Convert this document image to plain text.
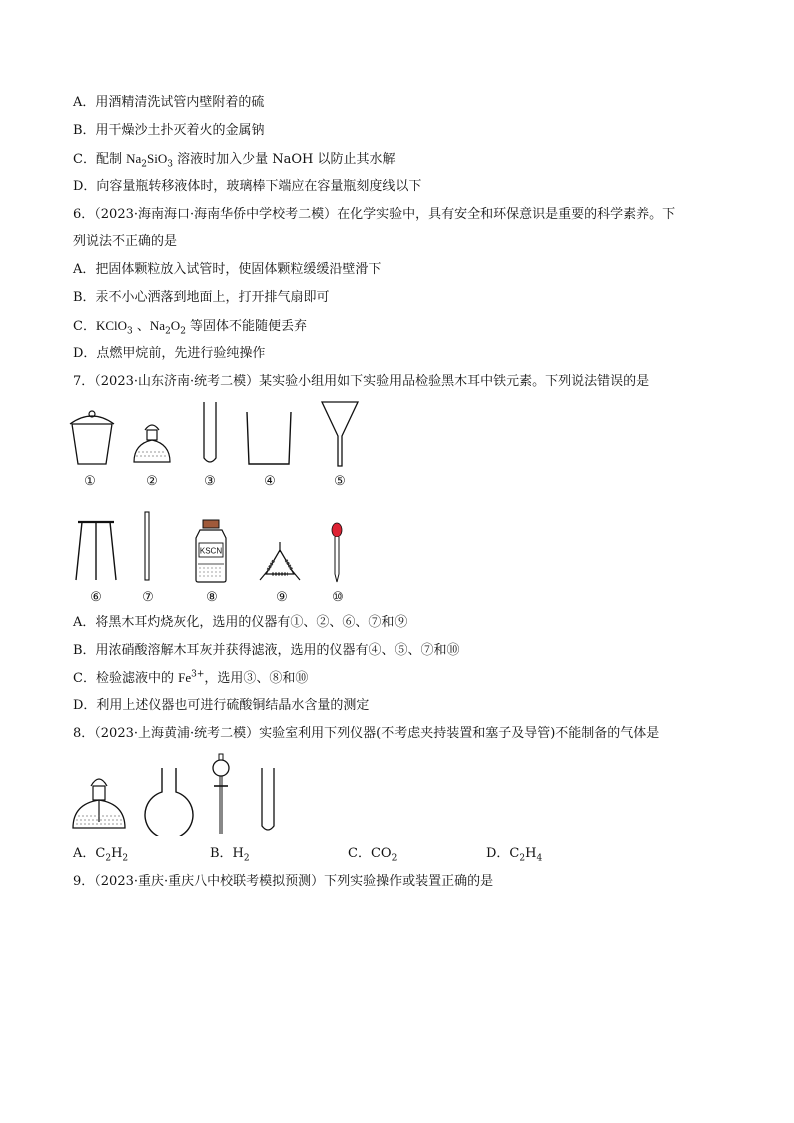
A．用酒精清洗试管内壁附着的硫
B．用干燥沙土扑灭着火的金属钠
C．配制 $Na_2SiO_3$ 溶液时加入少量 NaOH 以防止其水解
D．向容量瓶转移液体时，玻璃棒下端应在容量瓶刻度线以下
6．（2023·海南海口·海南华侨中学校考二模）在化学实验中，具有安全和环保意识是重要的科学素养。下
列说法不正确的是
A．把固体颗粒放入试管时，使固体颗粒缓缓沿壁滑下
B．汞不小心洒落到地面上，打开排气扇即可
C．KClO$_3$ 、$Na_2O_2$ 等固体不能随便丢弃
D．点燃甲烷前，先进行验纯操作
7．（2023·山东济南·统考二模）某实验小组用如下实验用品检验黑木耳中铁元素。下列说法错误的是
①	②	③	④	⑤
KSCN
⑥	⑦	⑧	⑨	⑩
A．将黑木耳灼烧灰化，选用的仪器有①、②、⑥、⑦和⑨
B．用浓硝酸溶解木耳灰并获得滤液，选用的仪器有④、⑤、⑦和⑩
C．检验滤液中的 $Fe^{3+}$，选用③、⑧和⑩
D．利用上述仪器也可进行硫酸铜结晶水含量的测定
8．（2023·上海黄浦·统考二模）实验室利用下列仪器(不考虑夹持装置和塞子及导管)不能制备的气体是
A．$C_2H_2$	B．$H_2$	C．$CO_2$	D．$C_2H_4$
9．（2023·重庆·重庆八中校联考模拟预测）下列实验操作或装置正确的是
